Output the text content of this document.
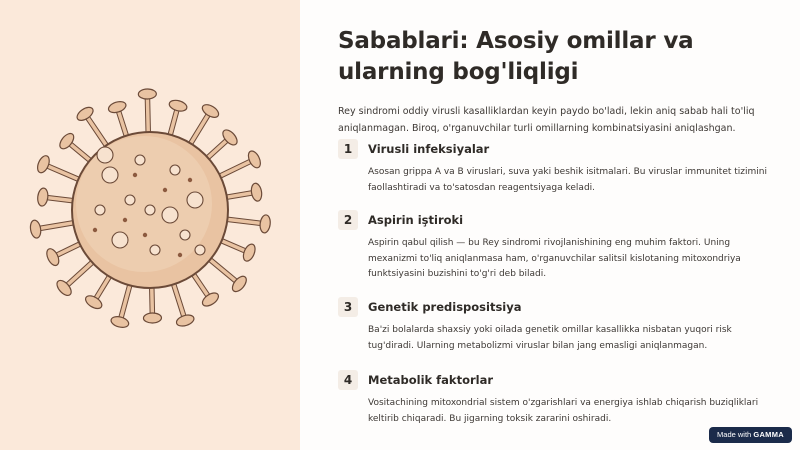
Sabablari: Asosiy omillar va ularning bog'liqligi

Rey sindromi oddiy virusli kasalliklardan keyin paydo bo'ladi, lekin aniq sabab hali to'liq aniqlanmagan. Biroq, o'rganuvchilar turli omillarning kombinatsiyasini aniqlashgan.

1	Virusli infeksiyalar

Asosan grippa A va B viruslari, suva yaki beshik isitmalari. Bu viruslar immunitet tizimini faollashtiradi va to'satosdan reagentsiyaga keladi.

2	Aspirin iştiroki

Aspirin qabul qilish — bu Rey sindromi rivojlanishining eng muhim faktori. Uning mexanizmi to'liq aniqlanmasa ham, o'rganuvchilar salitsil kislotaning mitoxondriya funktsiyasini buzishini to'g'ri deb biladi.

3	Genetik predispositsiya

Ba'zi bolalarda shaxsiy yoki oilada genetik omillar kasallikka nisbatan yuqori risk tug'diradi. Ularning metabolizmi viruslar bilan jang emasligi aniqlanmagan.

4	Metabolik faktorlar

Vositachining mitoxondrial sistem o'zgarishlari va energiya ishlab chiqarish buziqliklari keltirib chiqaradi. Bu jigarning toksik zararini oshiradi.

Made with GAMMA
